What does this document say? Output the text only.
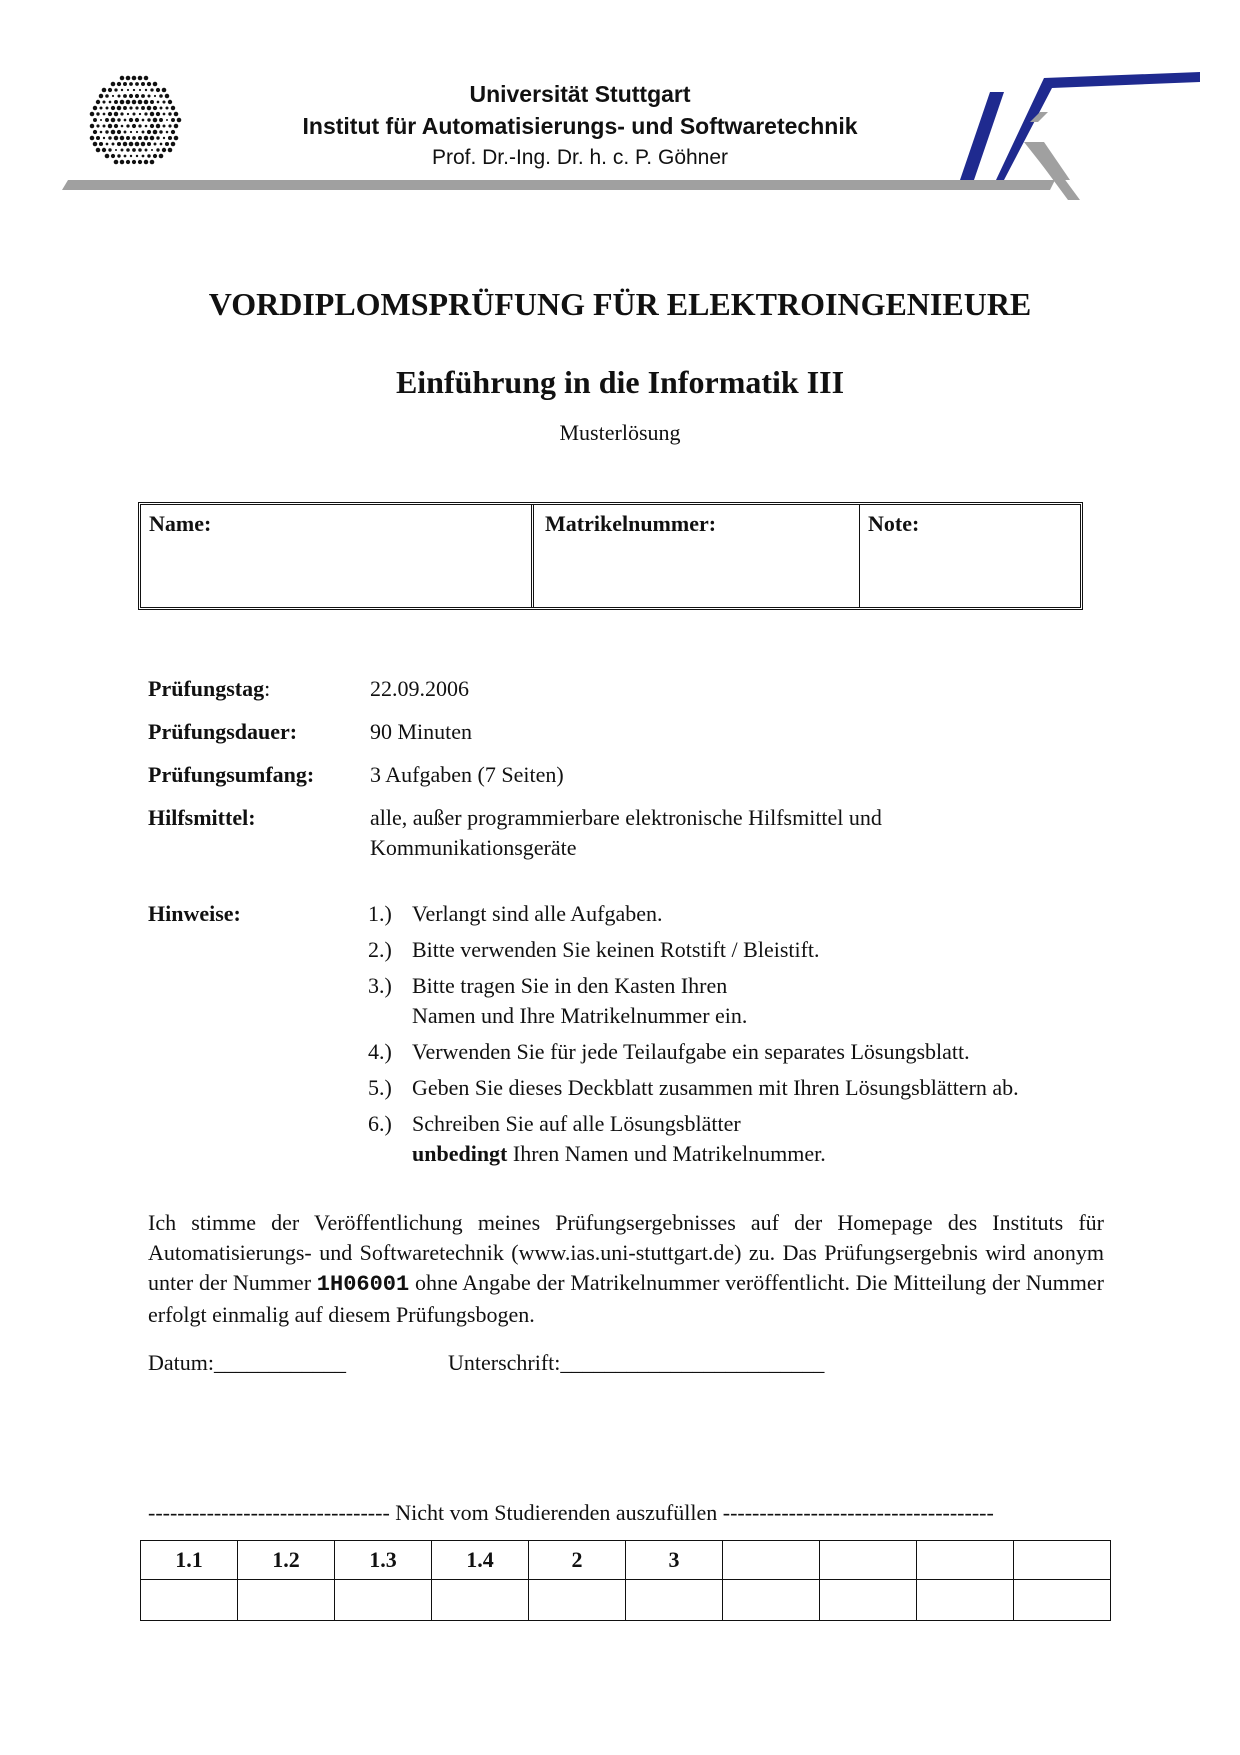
Universität Stuttgart
Institut für Automatisierungs- und Softwaretechnik
Prof. Dr.-Ing. Dr. h. c. P. Göhner
VORDIPLOMSPRÜFUNG FÜR ELEKTROINGENIEURE
Einführung in die Informatik III
Musterlösung
Name:	Matrikelnummer:	Note:
Prüfungstag:	22.09.2006
Prüfungsdauer:	90 Minuten
Prüfungsumfang:	3 Aufgaben (7 Seiten)
Hilfsmittel:	alle, außer programmierbare elektronische Hilfsmittel und
Kommunikationsgeräte
Hinweise:	1.) Verlangt sind alle Aufgaben.
2.) Bitte verwenden Sie keinen Rotstift / Bleistift.
3.) Bitte tragen Sie in den Kasten Ihren
Namen und Ihre Matrikelnummer ein.
4.) Verwenden Sie für jede Teilaufgabe ein separates Lösungsblatt.
5.) Geben Sie dieses Deckblatt zusammen mit Ihren Lösungsblättern ab.
6.) Schreiben Sie auf alle Lösungsblätter
unbedingt Ihren Namen und Matrikelnummer.
Ich stimme der Veröffentlichung meines Prüfungsergebnisses auf der Homepage des Instituts für Automatisierungs- und Softwaretechnik (www.ias.uni-stuttgart.de) zu. Das Prüfungsergebnis wird anonym unter der Nummer 1H06001 ohne Angabe der Matrikelnummer veröffentlicht. Die Mitteilung der Nummer erfolgt einmalig auf diesem Prüfungsbogen.
Datum:____________	Unterschrift:________________________
--------------------------------- Nicht vom Studierenden auszufüllen -------------------------------------
1.1	1.2	1.3	1.4	2	3				
